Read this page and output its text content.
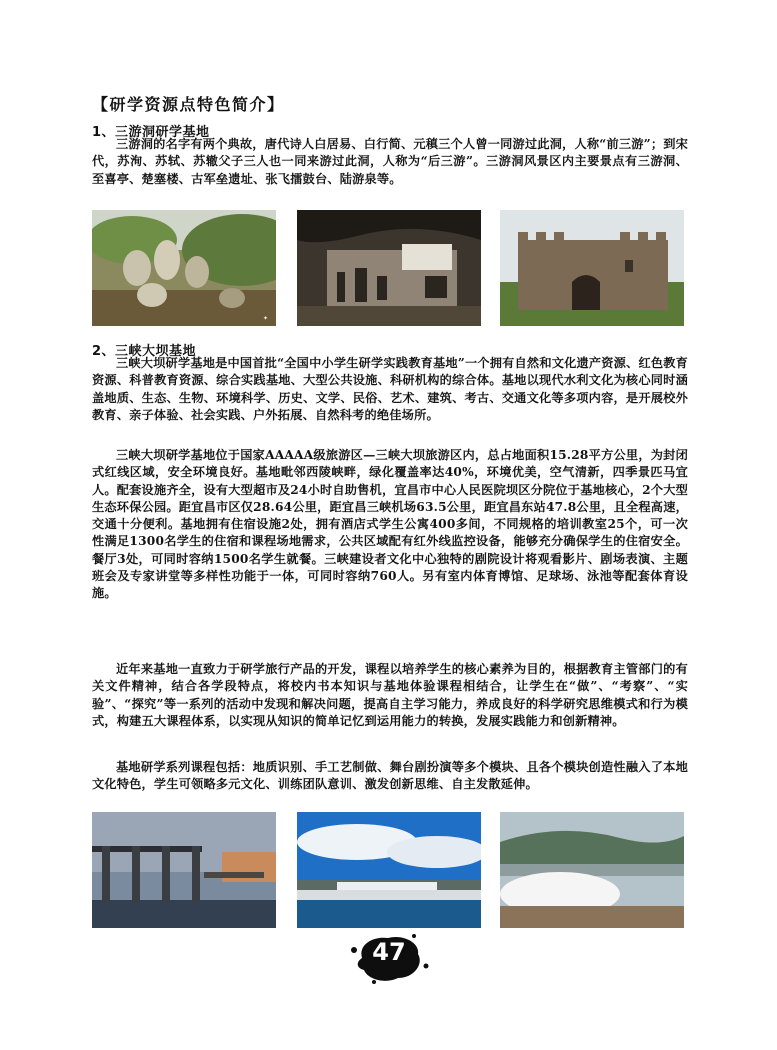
【研学资源点特色简介】
1、三游洞研学基地
三游洞的名字有两个典故，唐代诗人白居易、白行简、元稹三个人曾一同游过此洞，人称“前三游”；到宋代，苏洵、苏轼、苏辙父子三人也一同来游过此洞，人称为“后三游”。三游洞风景区内主要景点有三游洞、至喜亭、楚塞楼、古军垒遗址、张飞擂鼓台、陆游泉等。
✦
2、三峡大坝基地
三峡大坝研学基地是中国首批“全国中小学生研学实践教育基地”一个拥有自然和文化遗产资源、红色教育资源、科普教育资源、综合实践基地、大型公共设施、科研机构的综合体。基地以现代水利文化为核心同时涵盖地质、生态、生物、环境科学、历史、文学、民俗、艺术、建筑、考古、交通文化等多项内容，是开展校外教育、亲子体验、社会实践、户外拓展、自然科考的绝佳场所。
三峡大坝研学基地位于国家AAAAA级旅游区—三峡大坝旅游区内，总占地面积15.28平方公里，为封闭式红线区域，安全环境良好。基地毗邻西陵峡畔，绿化覆盖率达40%，环境优美，空气清新，四季景匹马宜人。配套设施齐全，设有大型超市及24小时自助售机，宜昌市中心人民医院坝区分院位于基地核心，2个大型生态环保公园。距宜昌市区仅28.64公里，距宜昌三峡机场63.5公里，距宜昌东站47.8公里，且全程高速，交通十分便利。基地拥有住宿设施2处，拥有酒店式学生公寓400多间，不同规格的培训教室25个，可一次性满足1300名学生的住宿和课程场地需求，公共区域配有红外线监控设备，能够充分确保学生的住宿安全。餐厅3处，可同时容纳1500名学生就餐。三峡建设者文化中心独特的剧院设计将观看影片、剧场表演、主题班会及专家讲堂等多样性功能于一体，可同时容纳760人。另有室内体育博馆、足球场、泳池等配套体育设施。
近年来基地一直致力于研学旅行产品的开发，课程以培养学生的核心素养为目的，根据教育主管部门的有关文件精神，结合各学段特点，将校内书本知识与基地体验课程相结合，让学生在“做”、“考察”、“实验”、“探究”等一系列的活动中发现和解决问题，提高自主学习能力，养成良好的科学研究思维模式和行为模式，构建五大课程体系，以实现从知识的简单记忆到运用能力的转换，发展实践能力和创新精神。
基地研学系列课程包括：地质识别、手工艺制做、舞台剧扮演等多个模块、且各个模块创造性融入了本地文化特色，学生可领略多元文化、训练团队意训、激发创新思维、自主发散延伸。
47
